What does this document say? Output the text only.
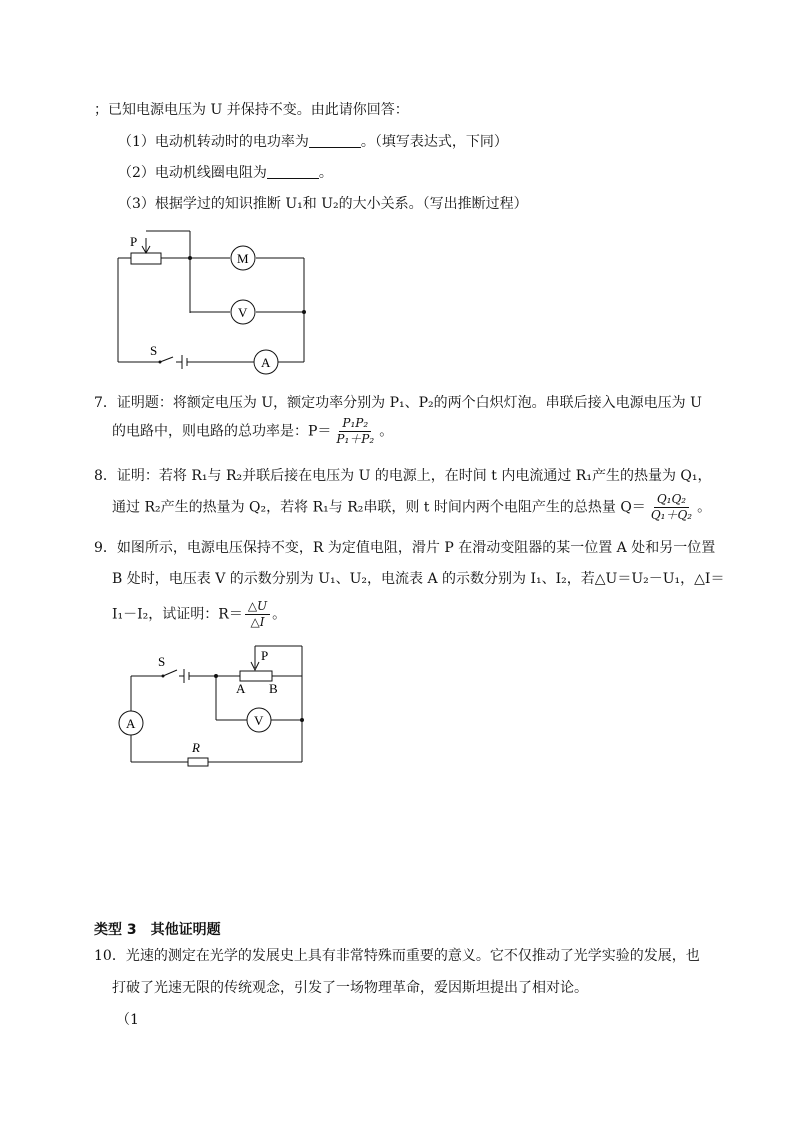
；已知电源电压为 U 并保持不变。由此请你回答：
（1）电动机转动时的电功率为	。（填写表达式，下同）
（2）电动机线圈电阻为	。
（3）根据学过的知识推断 U₁和 U₂的大小关系。（写出推断过程）
P
M
V
S
A
7．证明题：将额定电压为 U，额定功率分别为 P₁、P₂的两个白炽灯泡。串联后接入电源电压为 U
的电路中，则电路的总功率是：$P= \frac{\text{P₁P₂}}{\text{P₁＋P₂}}$ 。
8．证明：若将 R₁与 R₂并联后接在电压为 U 的电源上，在时间 t 内电流通过 R₁产生的热量为 Q₁，
通过 R₂产生的热量为 Q₂，若将 R₁与 R₂串联，则 t 时间内两个电阻产生的总热量 $Q= \frac{\text{Q₁Q₂}}{\text{Q₁＋Q₂}}$ 。
9．如图所示，电源电压保持不变，R 为定值电阻，滑片 P 在滑动变阻器的某一位置 A 处和另一位置
B 处时，电压表 V 的示数分别为 U₁、U₂，电流表 A 的示数分别为 I₁、I₂，若△U＝U₂－U₁，△I＝
I₁－I₂，试证明：$R= \frac{\triangle U}{\triangle I}$ 。
S	P
A B
V
A
R
类型 3　其他证明题
10．光速的测定在光学的发展史上具有非常特殊而重要的意义。它不仅推动了光学实验的发展，也
打破了光速无限的传统观念，引发了一场物理革命，爱因斯坦提出了相对论。
（1
